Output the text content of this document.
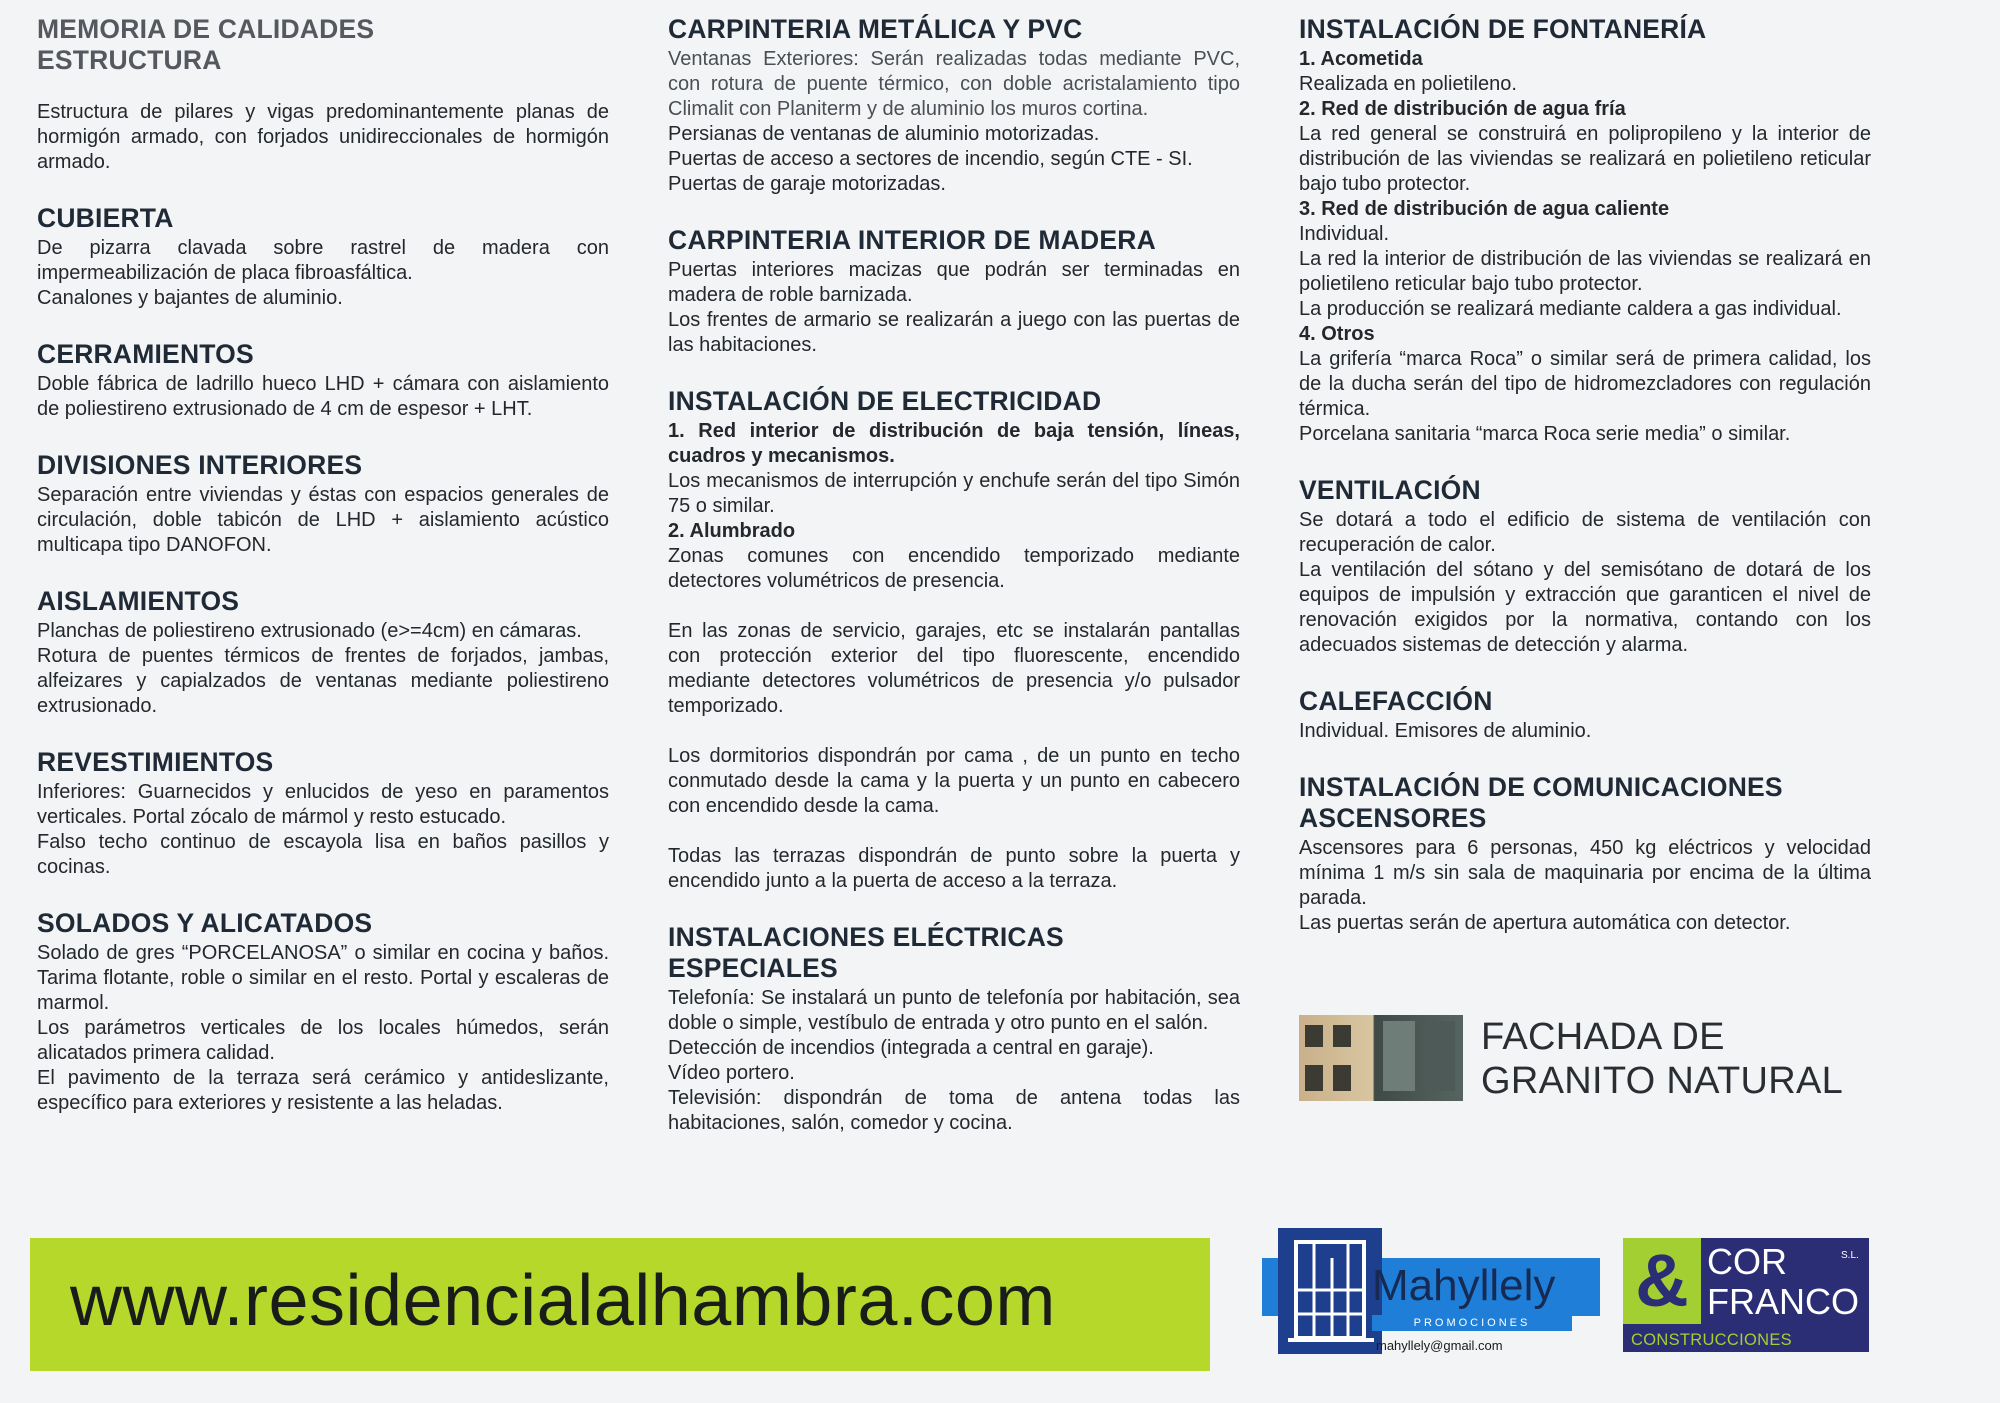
MEMORIA DE CALIDADES
ESTRUCTURA

Estructura de pilares y vigas predominantemente planas de hormigón armado, con forjados unidireccionales de hormigón armado.

CUBIERTA

De pizarra clavada sobre rastrel de madera con impermeabilización de placa fibroasfáltica.

Canalones y bajantes de aluminio.

CERRAMIENTOS

Doble fábrica de ladrillo hueco LHD + cámara con aislamiento de poliestireno extrusionado de 4 cm de espesor + LHT.

DIVISIONES INTERIORES

Separación entre viviendas y éstas con espacios generales de circulación, doble tabicón de LHD + aislamiento acústico multicapa tipo DANOFON.

AISLAMIENTOS

Planchas de poliestireno extrusionado (e>=4cm) en cámaras.

Rotura de puentes térmicos de frentes de forjados, jambas, alfeizares y capialzados de ventanas mediante poliestireno extrusionado.

REVESTIMIENTOS

Inferiores: Guarnecidos y enlucidos de yeso en paramentos verticales. Portal zócalo de mármol y resto estucado.

Falso techo continuo de escayola lisa en baños pasillos y cocinas.

SOLADOS Y ALICATADOS

Solado de gres “PORCELANOSA” o similar en cocina y baños. Tarima flotante, roble o similar en el resto. Portal y escaleras de marmol.

Los parámetros verticales de los locales húmedos, serán alicatados primera calidad.

El pavimento de la terraza será cerámico y antideslizante, específico para exteriores y resistente a las heladas.

CARPINTERIA METÁLICA Y PVC

Ventanas Exteriores: Serán realizadas todas mediante PVC, con rotura de puente térmico, con doble acristalamiento tipo Climalit con Planiterm y de aluminio los muros cortina.

Persianas de ventanas de aluminio motorizadas.

Puertas de acceso a sectores de incendio, según CTE - SI.

Puertas de garaje motorizadas.

CARPINTERIA INTERIOR DE MADERA

Puertas interiores macizas que podrán ser terminadas en madera de roble barnizada.

Los frentes de armario se realizarán a juego con las puertas de las habitaciones.

INSTALACIÓN DE ELECTRICIDAD

1. Red interior de distribución de baja tensión, líneas, cuadros y mecanismos.

Los mecanismos de interrupción y enchufe serán del tipo Simón 75 o similar.

2. Alumbrado

Zonas comunes con encendido temporizado mediante detectores volumétricos de presencia.

En las zonas de servicio, garajes, etc se instalarán pantallas con protección exterior del tipo fluorescente, encendido mediante detectores volumétricos de presencia y/o pulsador temporizado.

Los dormitorios dispondrán por cama , de un punto en techo conmutado desde la cama y la puerta y un punto en cabecero con encendido desde la cama.

Todas las terrazas dispondrán de punto sobre la puerta y encendido junto a la puerta de acceso a la terraza.

INSTALACIONES ELÉCTRICAS
ESPECIALES

Telefonía: Se instalará un punto de telefonía por habitación, sea doble o simple, vestíbulo de entrada y otro punto en el salón.

Detección de incendios (integrada a central en garaje).

Vídeo portero.

Televisión: dispondrán de toma de antena todas las habitaciones, salón, comedor y cocina.

INSTALACIÓN DE FONTANERÍA

1. Acometida

Realizada en polietileno.

2. Red de distribución de agua fría

La red general se construirá en polipropileno y la interior de distribución de las viviendas se realizará en polietileno reticular bajo tubo protector.

3. Red de distribución de agua caliente

Individual.

La red la interior de distribución de las viviendas se realizará en polietileno reticular bajo tubo protector.

La producción se realizará mediante caldera a gas individual.

4. Otros

La grifería “marca Roca” o similar será de primera calidad, los de la ducha serán del tipo de hidromezcladores con regulación térmica.

Porcelana sanitaria “marca Roca serie media” o similar.

VENTILACIÓN

Se dotará a todo el edificio de sistema de ventilación con recuperación de calor.

La ventilación del sótano y del semisótano de dotará de los equipos de impulsión y extracción que garanticen el nivel de renovación exigidos por la normativa, contando con los adecuados sistemas de detección y alarma.

CALEFACCIÓN

Individual. Emisores de aluminio.

INSTALACIÓN DE COMUNICACIONES
ASCENSORES

Ascensores para 6 personas, 450 kg eléctricos y velocidad mínima 1 m/s sin sala de maquinaria por encima de la última parada.

Las puertas serán de apertura automática con detector.

FACHADA DE
GRANITO NATURAL
www.residencialalhambra.com	Mahyllely
PROMOCIONES
mahyllely@gmail.com
& COR	S.L.
FRANCO
CONSTRUCCIONES
